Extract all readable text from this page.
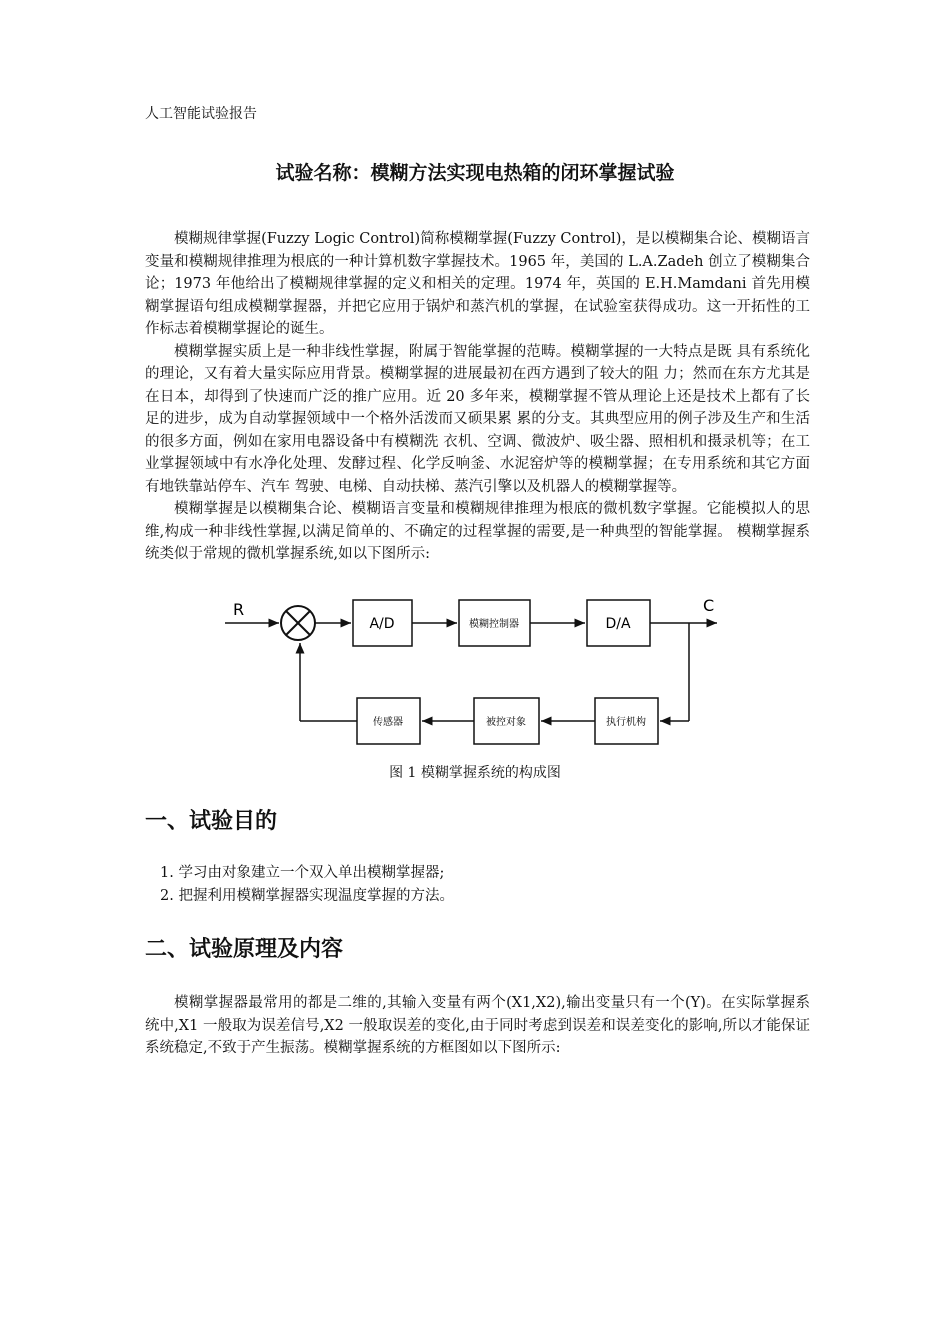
人工智能试验报告
试验名称：模糊方法实现电热箱的闭环掌握试验

模糊规律掌握(Fuzzy Logic Control)简称模糊掌握(Fuzzy Control)，是以模糊集合论、模糊语言变量和模糊规律推理为根底的一种计算机数字掌握技术。1965 年，美国的 L.A.Zadeh 创立了模糊集合论；1973 年他给出了模糊规律掌握的定义和相关的定理。1974 年，英国的 E.H.Mamdani 首先用模糊掌握语句组成模糊掌握器，并把它应用于锅炉和蒸汽机的掌握，在试验室获得成功。这一开拓性的工作标志着模糊掌握论的诞生。

模糊掌握实质上是一种非线性掌握，附属于智能掌握的范畴。模糊掌握的一大特点是既 具有系统化的理论，又有着大量实际应用背景。模糊掌握的进展最初在西方遇到了较大的阻 力；然而在东方尤其是在日本，却得到了快速而广泛的推广应用。近 20 多年来，模糊掌握不管从理论上还是技术上都有了长足的进步，成为自动掌握领域中一个格外活泼而又硕果累 累的分支。其典型应用的例子涉及生产和生活的很多方面，例如在家用电器设备中有模糊洗 衣机、空调、微波炉、吸尘器、照相机和摄录机等；在工业掌握领域中有水净化处理、发酵过程、化学反响釜、水泥窑炉等的模糊掌握；在专用系统和其它方面有地铁靠站停车、汽车 驾驶、电梯、自动扶梯、蒸汽引擎以及机器人的模糊掌握等。

模糊掌握是以模糊集合论、模糊语言变量和模糊规律推理为根底的微机数字掌握。它能模拟人的思维,构成一种非线性掌握,以满足简单的、不确定的过程掌握的需要,是一种典型的智能掌握。 模糊掌握系统类似于常规的微机掌握系统,如以下图所示:

R
A/D	模糊控制器	D/A
C
执行机构
被控对象
传感器
图 1 模糊掌握系统的构成图
一、试验目的
1. 学习由对象建立一个双入单出模糊掌握器;
2. 把握利用模糊掌握器实现温度掌握的方法。
二、试验原理及内容

模糊掌握器最常用的都是二维的,其输入变量有两个(X1,X2),输出变量只有一个(Y)。在实际掌握系统中,X1 一般取为误差信号,X2 一般取误差的变化,由于同时考虑到误差和误差变化的影响,所以才能保证系统稳定,不致于产生振荡。模糊掌握系统的方框图如以下图所示:
